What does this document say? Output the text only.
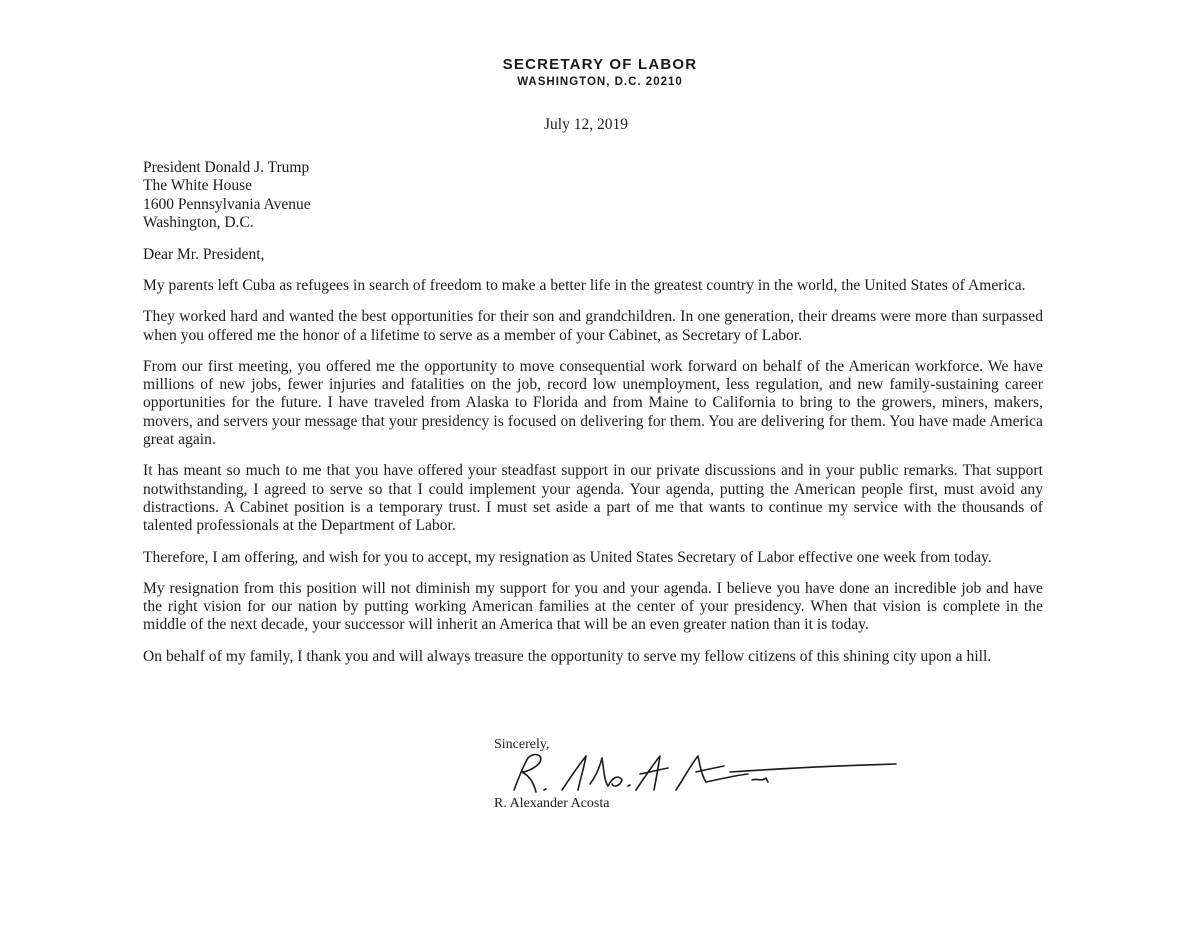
SECRETARY OF LABOR
WASHINGTON, D.C. 20210
July 12, 2019
President Donald J. Trump
The White House
1600 Pennsylvania Avenue
Washington, D.C.
Dear Mr. President,

My parents left Cuba as refugees in search of freedom to make a better life in the greatest country in the world, the United States of America.

They worked hard and wanted the best opportunities for their son and grandchildren. In one generation, their dreams were more than surpassed when you offered me the honor of a lifetime to serve as a member of your Cabinet, as Secretary of Labor.

From our first meeting, you offered me the opportunity to move consequential work forward on behalf of the American workforce. We have millions of new jobs, fewer injuries and fatalities on the job, record low unemployment, less regulation, and new family-sustaining career opportunities for the future. I have traveled from Alaska to Florida and from Maine to California to bring to the growers, miners, makers, movers, and servers your message that your presidency is focused on delivering for them. You are delivering for them. You have made America great again.

It has meant so much to me that you have offered your steadfast support in our private discussions and in your public remarks. That support notwithstanding, I agreed to serve so that I could implement your agenda. Your agenda, putting the American people first, must avoid any distractions. A Cabinet position is a temporary trust. I must set aside a part of me that wants to continue my service with the thousands of talented professionals at the Department of Labor.

Therefore, I am offering, and wish for you to accept, my resignation as United States Secretary of Labor effective one week from today.

My resignation from this position will not diminish my support for you and your agenda. I believe you have done an incredible job and have the right vision for our nation by putting working American families at the center of your presidency. When that vision is complete in the middle of the next decade, your successor will inherit an America that will be an even greater nation than it is today.

On behalf of my family, I thank you and will always treasure the opportunity to serve my fellow citizens of this shining city upon a hill.

Sincerely,
R. Alexander Acosta
